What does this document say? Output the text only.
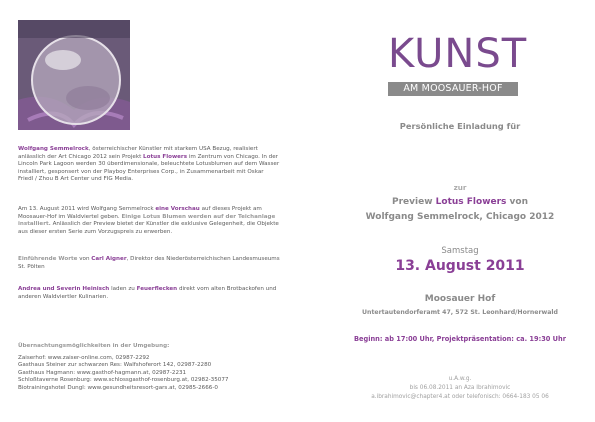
Wolfgang Semmelrock, österreichischer Künstler mit starkem USA Bezug, realisiert anlässlich der Art Chicago 2012 sein Projekt Lotus Flowers im Zentrum von Chicago. In der Lincoln Park Lagoon werden 30 überdimensionale, beleuchtete Lotusblumen auf dem Wasser installiert, gesponsert von der Playboy Enterprises Corp., in Zusammenarbeit mit Oskar Friedl / Zhou B Art Center und FIG Media.
Am 13. August 2011 wird Wolfgang Semmelrock eine Vorschau auf dieses Projekt am Moosauer-Hof im Waldviertel geben. Einige Lotus Blumen werden auf der Teichanlage installiert. Anlässlich der Preview bietet der Künstler die exklusive Gelegenheit, die Objekte aus dieser ersten Serie zum Vorzugspreis zu erwerben.
Einführende Worte von Carl Aigner, Direktor des Niederösterreichischen Landesmuseums St. Pölten
Andrea und Severin Heinisch laden zu Feuerflecken direkt vom alten Brotbackofen und anderen Waldviertler Kulinarien.
Übernachtungsmöglichkeiten in der Umgebung:
Zaiserhof: www.zaiser-online.com, 02987-2292
Gasthaus Steiner zur schwarzen Res: Walfshoferort 142, 02987-2280
Gasthaus Hagmann: www.gasthof-hagmann.at, 02987-2231
Schloßtaverne Rosenburg: www.schlossgasthof-rosenburg.at, 02982-35077
Biotrainingshotel Dungl: www.gesundheitsresort-gars.at, 02985-2666-0
KUNST
AM MOOSAUER-HOF
Persönliche Einladung für
zur
Preview Lotus Flowers von
Wolfgang Semmelrock, Chicago 2012
Samstag
13. August 2011
Moosauer Hof
Untertautendorferamt 47, 572 St. Leonhard/Hornerwald
Beginn: ab 17:00 Uhr, Projektpräsentation: ca. 19:30 Uhr
u.A.w.g.
bis 06.08.2011 an Aza Ibrahimovic
a.ibrahimovic@chapter4.at oder telefonisch: 0664-183 05 06
